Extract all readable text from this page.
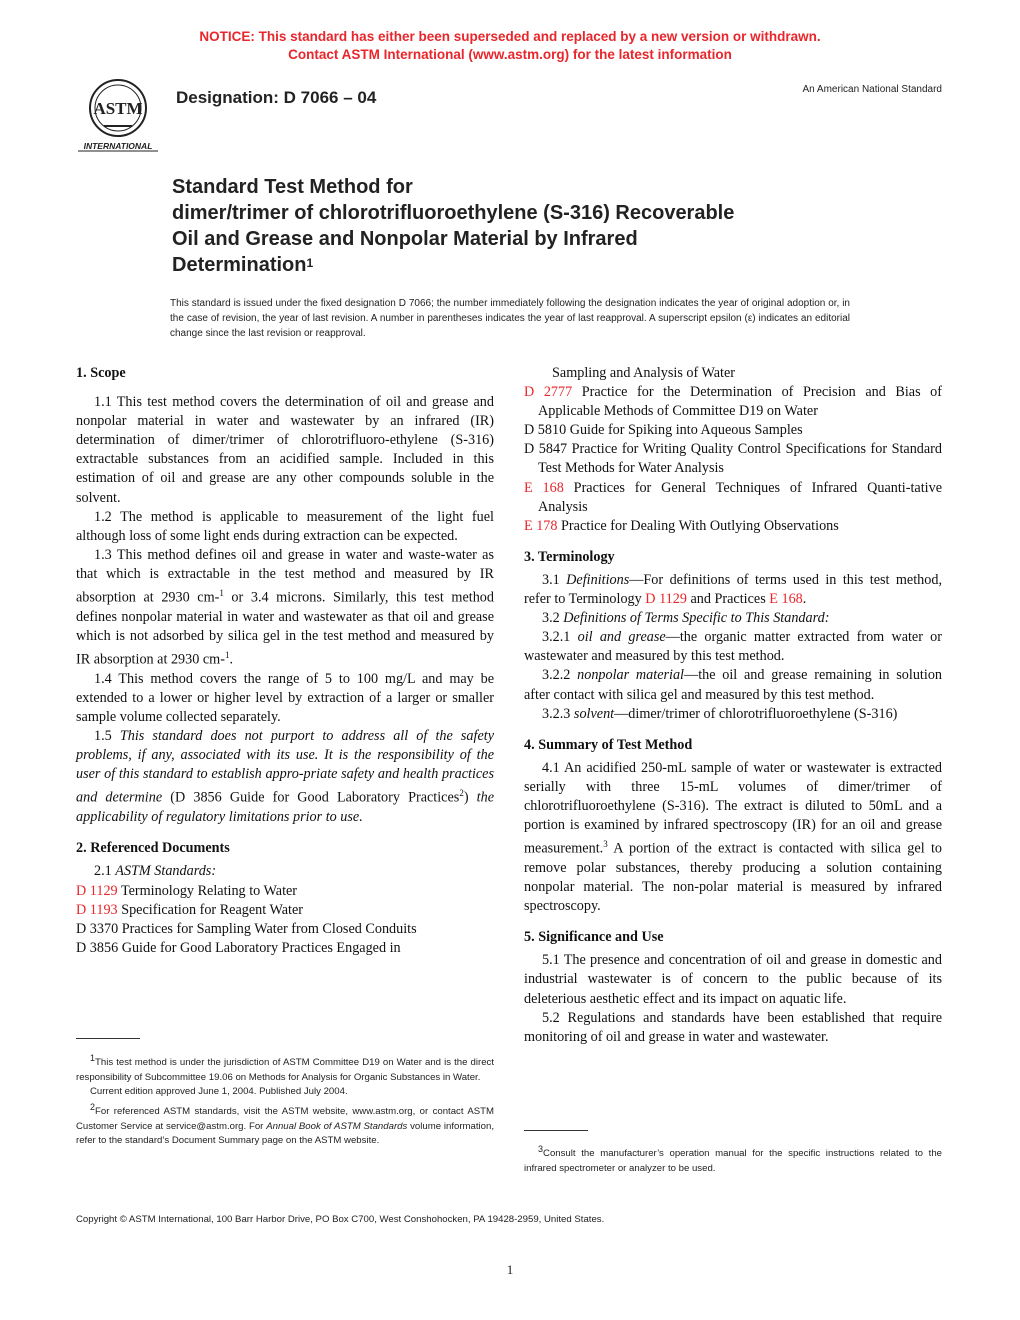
NOTICE: This standard has either been superseded and replaced by a new version or withdrawn.
Contact ASTM International (www.astm.org) for the latest information
ASTM
INTERNATIONAL
Designation: D 7066 – 04	An American National Standard
Standard Test Method for
dimer/trimer of chlorotrifluoroethylene (S-316) Recoverable
Oil and Grease and Nonpolar Material by Infrared
Determination$^1$
This standard is issued under the fixed designation D 7066; the number immediately following the designation indicates the year of original adoption or, in the case of revision, the year of last revision. A number in parentheses indicates the year of last reapproval. A superscript epsilon (ε) indicates an editorial change since the last revision or reapproval.

1. Scope

1.1 This test method covers the determination of oil and grease and nonpolar material in water and wastewater by an infrared (IR) determination of dimer/trimer of chlorotrifluoro-ethylene (S-316) extractable substances from an acidified sample. Included in this estimation of oil and grease are any other compounds soluble in the solvent.

1.2 The method is applicable to measurement of the light fuel although loss of some light ends during extraction can be expected.

1.3 This method defines oil and grease in water and waste-water as that which is extractable in the test method and measured by IR absorption at 2930 cm-$^1$ or 3.4 microns. Similarly, this test method defines nonpolar material in water and wastewater as that oil and grease which is not adsorbed by silica gel in the test method and measured by IR absorption at 2930 cm-$^1$.

1.4 This method covers the range of 5 to 100 mg/L and may be extended to a lower or higher level by extraction of a larger or smaller sample volume collected separately.

1.5 This standard does not purport to address all of the safety problems, if any, associated with its use. It is the responsibility of the user of this standard to establish appro-priate safety and health practices and determine (D 3856 Guide for Good Laboratory Practices$^2$) the applicability of regulatory limitations prior to use.

2. Referenced Documents

2.1 ASTM Standards:

D 1129 Terminology Relating to Water

D 1193 Specification for Reagent Water

D 3370 Practices for Sampling Water from Closed Conduits

D 3856 Guide for Good Laboratory Practices Engaged in

Sampling and Analysis of Water

D 2777 Practice for the Determination of Precision and Bias of Applicable Methods of Committee D19 on Water

D 5810 Guide for Spiking into Aqueous Samples

D 5847 Practice for Writing Quality Control Specifications for Standard Test Methods for Water Analysis

E 168 Practices for General Techniques of Infrared Quanti-tative Analysis

E 178 Practice for Dealing With Outlying Observations

3. Terminology

3.1 Definitions—For definitions of terms used in this test method, refer to Terminology D 1129 and Practices E 168.

3.2 Definitions of Terms Specific to This Standard:

3.2.1 oil and grease—the organic matter extracted from water or wastewater and measured by this test method.

3.2.2 nonpolar material—the oil and grease remaining in solution after contact with silica gel and measured by this test method.

3.2.3 solvent—dimer/trimer of chlorotrifluoroethylene (S-316)

4. Summary of Test Method

4.1 An acidified 250-mL sample of water or wastewater is extracted serially with three 15-mL volumes of dimer/trimer of chlorotrifluoroethylene (S-316). The extract is diluted to 50mL and a portion is examined by infrared spectroscopy (IR) for an oil and grease measurement.$^3$ A portion of the extract is contacted with silica gel to remove polar substances, thereby producing a solution containing nonpolar material. The non-polar material is measured by infrared spectroscopy.

5. Significance and Use

5.1 The presence and concentration of oil and grease in domestic and industrial wastewater is of concern to the public because of its deleterious aesthetic effect and its impact on aquatic life.

5.2 Regulations and standards have been established that require monitoring of oil and grease in water and wastewater.

$^1$This test method is under the jurisdiction of ASTM Committee D19 on Water and is the direct responsibility of Subcommittee 19.06 on Methods for Analysis for Organic Substances in Water.

Current edition approved June 1, 2004. Published July 2004.

$^2$For referenced ASTM standards, visit the ASTM website, www.astm.org, or contact ASTM Customer Service at service@astm.org. For Annual Book of ASTM Standards volume information, refer to the standard’s Document Summary page on the ASTM website.

$^3$Consult the manufacturer’s operation manual for the specific instructions related to the infrared spectrometer or analyzer to be used.

Copyright © ASTM International, 100 Barr Harbor Drive, PO Box C700, West Conshohocken, PA 19428-2959, United States.
1
